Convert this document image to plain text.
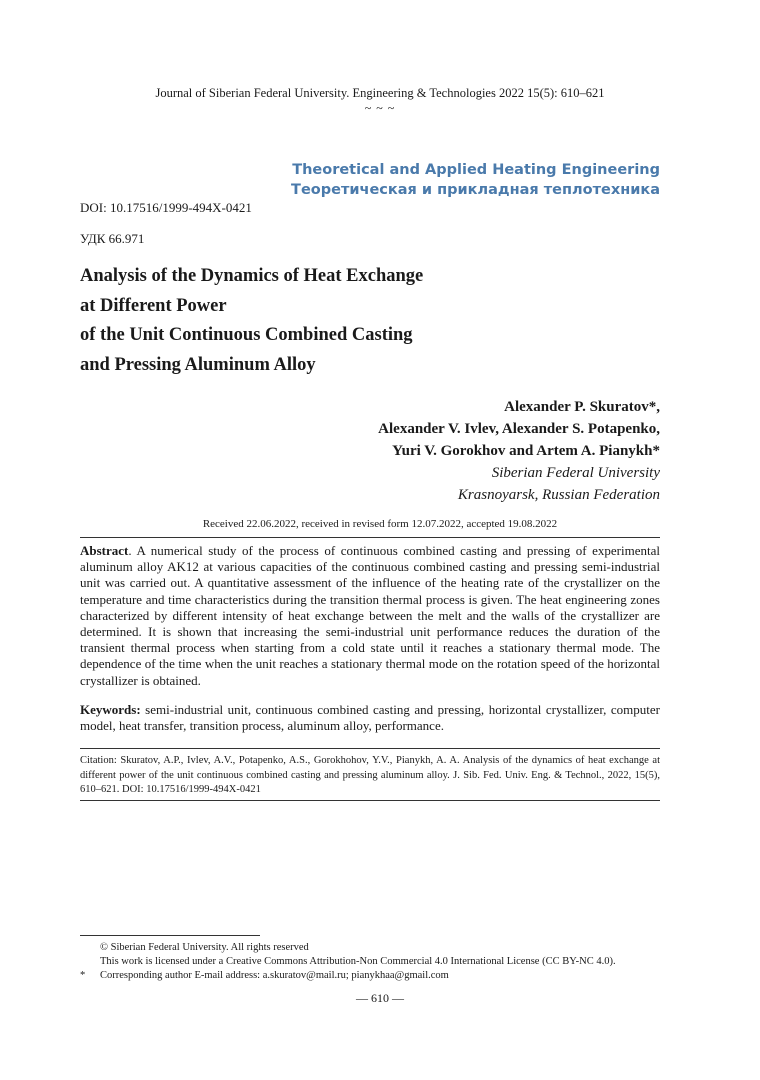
Journal of Siberian Federal University. Engineering & Technologies 2022 15(5): 610–621
~ ~ ~
Theoretical and Applied Heating Engineering
Теоретическая и прикладная теплотехника
DOI: 10.17516/1999-494X-0421
УДК 66.971
Analysis of the Dynamics of Heat Exchange
at Different Power
of the Unit Continuous Combined Casting
and Pressing Aluminum Alloy
Alexander P. Skuratov*,
Alexander V. Ivlev, Alexander S. Potapenko,
Yuri V. Gorokhov and Artem A. Pianykh*
Siberian Federal University
Krasnoyarsk, Russian Federation
Received 22.06.2022, received in revised form 12.07.2022, accepted 19.08.2022
Abstract. A numerical study of the process of continuous combined casting and pressing of experimental aluminum alloy AK12 at various capacities of the continuous combined casting and pressing semi-industrial unit was carried out. A quantitative assessment of the influence of the heating rate of the crystallizer on the temperature and time characteristics during the transition thermal process is given. The heat engineering zones characterized by different intensity of heat exchange between the melt and the walls of the crystallizer are determined. It is shown that increasing the semi-industrial unit performance reduces the duration of the transient thermal process when starting from a cold state until it reaches a stationary thermal mode. The dependence of the time when the unit reaches a stationary thermal mode on the rotation speed of the horizontal crystallizer is obtained.
Keywords: semi-industrial unit, continuous combined casting and pressing, horizontal crystallizer, computer model, heat transfer, transition process, aluminum alloy, performance.
Citation: Skuratov, A.P., Ivlev, A.V., Potapenko, A.S., Gorokhohov, Y.V., Pianykh, A. A. Analysis of the dynamics of heat exchange at different power of the unit continuous combined casting and pressing aluminum alloy. J. Sib. Fed. Univ. Eng. & Technol., 2022, 15(5), 610–621. DOI: 10.17516/1999-494X-0421
© Siberian Federal University. All rights reserved
This work is licensed under a Creative Commons Attribution-Non Commercial 4.0 International License (CC BY-NC 4.0).
* Corresponding author E-mail address: a.skuratov@mail.ru; pianykhaa@gmail.com
— 610 —
